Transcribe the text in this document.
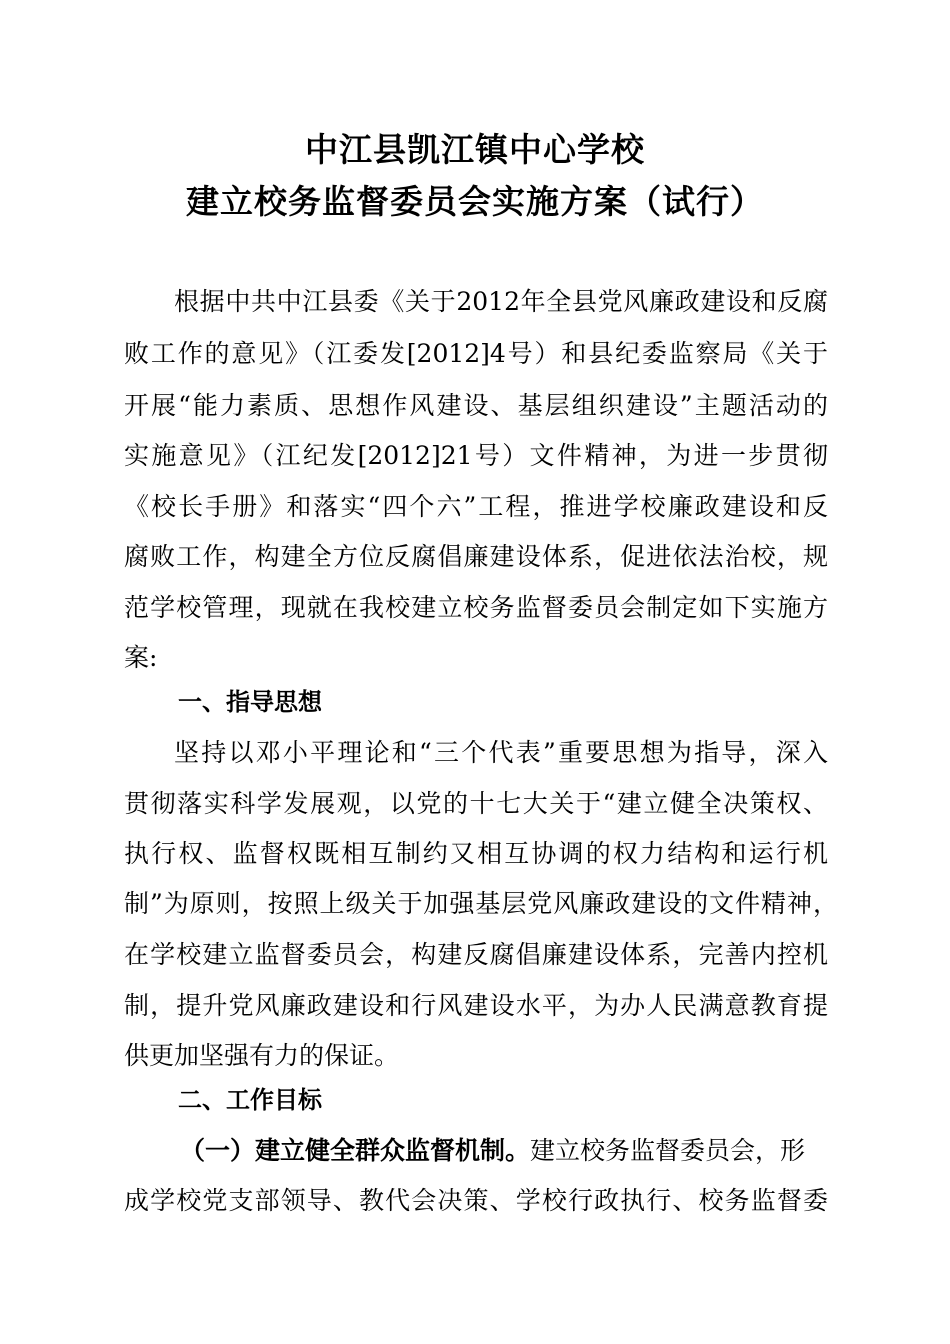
中江县凯江镇中心学校
建立校务监督委员会实施方案（试行）
根据中共中江县委《关于2012年全县党风廉政建设和反腐
败工作的意见》（江委发[2012]4号）和县纪委监察局《关于
开展“能力素质、思想作风建设、基层组织建设”主题活动的
实施意见》（江纪发[2012]21号）文件精神，为进一步贯彻
《校长手册》和落实“四个六”工程，推进学校廉政建设和反
腐败工作，构建全方位反腐倡廉建设体系，促进依法治校，规
范学校管理，现就在我校建立校务监督委员会制定如下实施方
案:
一、指导思想
坚持以邓小平理论和“三个代表”重要思想为指导，深入
贯彻落实科学发展观，以党的十七大关于“建立健全决策权、
执行权、监督权既相互制约又相互协调的权力结构和运行机
制”为原则，按照上级关于加强基层党风廉政建设的文件精神，
在学校建立监督委员会，构建反腐倡廉建设体系，完善内控机
制，提升党风廉政建设和行风建设水平，为办人民满意教育提
供更加坚强有力的保证。
二、工作目标
（一）建立健全群众监督机制。建立校务监督委员会，形
成学校党支部领导、教代会决策、学校行政执行、校务监督委
